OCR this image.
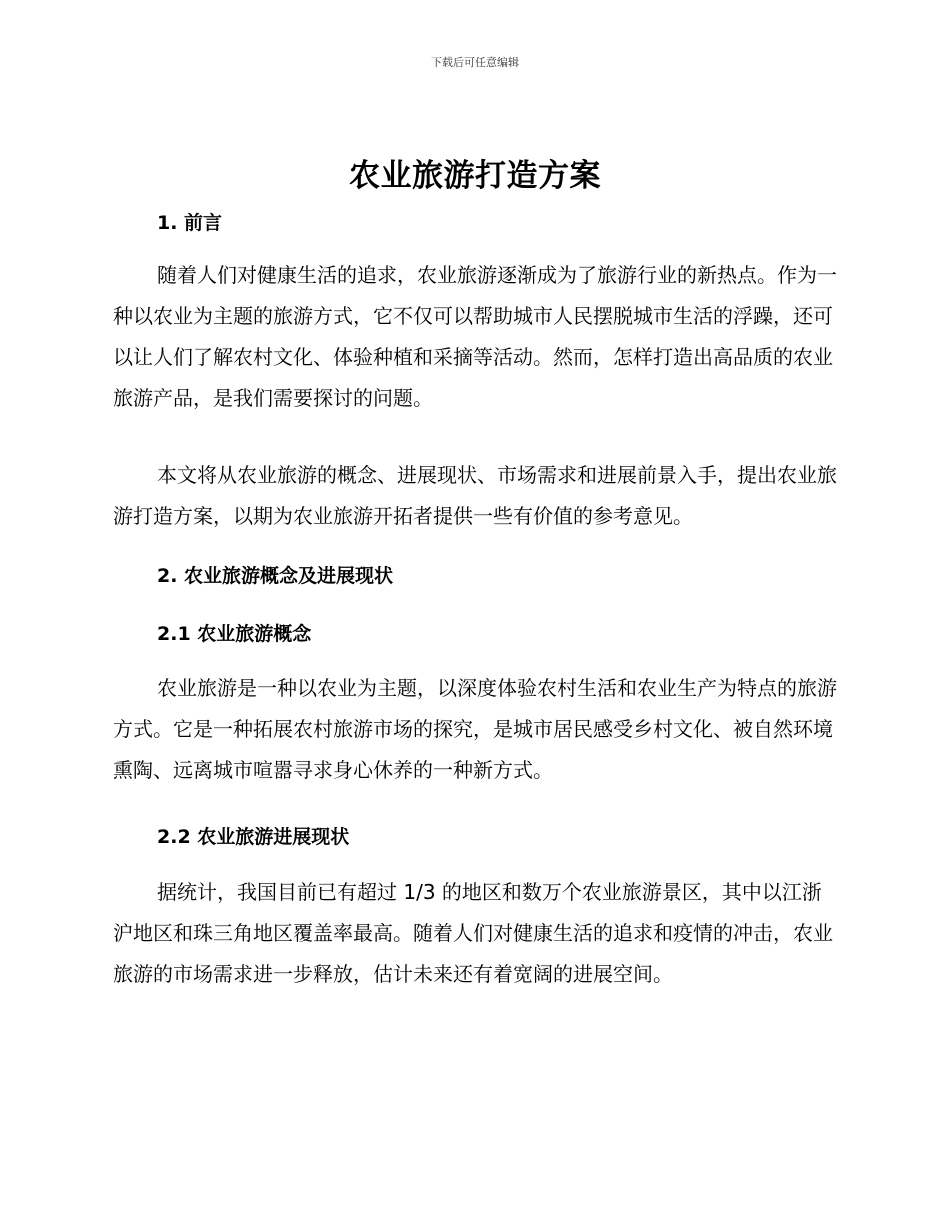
下载后可任意编辑
农业旅游打造方案
1. 前言

随着人们对健康生活的追求，农业旅游逐渐成为了旅游行业的新热点。作为一种以农业为主题的旅游方式，它不仅可以帮助城市人民摆脱城市生活的浮躁，还可以让人们了解农村文化、体验种植和采摘等活动。然而，怎样打造出高品质的农业旅游产品，是我们需要探讨的问题。

本文将从农业旅游的概念、进展现状、市场需求和进展前景入手，提出农业旅游打造方案，以期为农业旅游开拓者提供一些有价值的参考意见。

2. 农业旅游概念及进展现状
2.1 农业旅游概念

农业旅游是一种以农业为主题，以深度体验农村生活和农业生产为特点的旅游方式。它是一种拓展农村旅游市场的探究，是城市居民感受乡村文化、被自然环境熏陶、远离城市喧嚣寻求身心休养的一种新方式。

2.2 农业旅游进展现状

据统计，我国目前已有超过 1/3 的地区和数万个农业旅游景区，其中以江浙沪地区和珠三角地区覆盖率最高。随着人们对健康生活的追求和疫情的冲击，农业旅游的市场需求进一步释放，估计未来还有着宽阔的进展空间。
